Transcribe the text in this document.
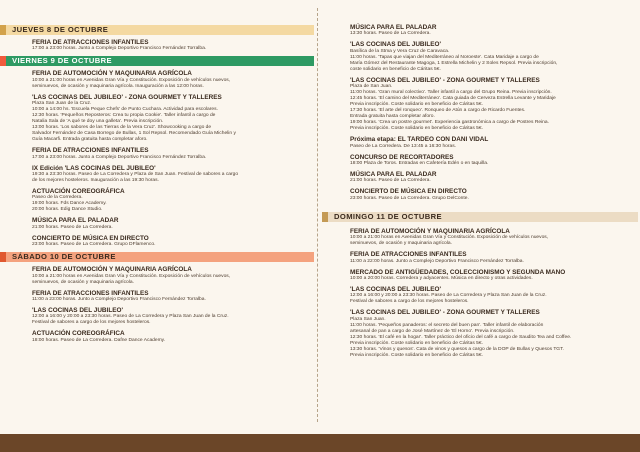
JUEVES 8 DE OCTUBRE
FERIA DE ATRACCIONES INFANTILES
17:00 a 23:00 horas. Junto a Complejo Deportivo Francisco Fernández Torralba.
VIERNES 9 DE OCTUBRE
FERIA DE AUTOMOCIÓN Y MAQUINARIA AGRÍCOLA
10:00 a 21:00 horas en Avenidas Gran Vía y Constitución. Exposición de vehículos nuevos,
seminuevos, de ocasión y maquinaria agrícola. Inauguración a las 12:00 horas.
'LAS COCINAS DEL JUBILEO' - ZONA GOURMET Y TALLERES
Plaza San Juan de la Cruz.
10:00 a 14:00 hs. 'Escuela Peque Chefs' de Punto Cuchara. Actividad para escolares.
12:30 horas. 'Pequeños Reposteros: Crea tu propia Cookie'. Taller infantil a cargo de
Natalia Sala de 'A qué te doy una galleta'. Previa inscripción.
13:00 horas. 'Los sabores de las Tierras de la Vera Cruz'. Showcooking a cargo de
Salvador Fernández de Casa Borrego de Bullas, 1 Sol Repsol. Recomendado Guía Michelin y
Guía Macarfi. Entrada gratuita hasta completar aforo.
FERIA DE ATRACCIONES INFANTILES
17:00 a 23:00 horas. Junto a Complejo Deportivo Francisco Fernández Torralba.
IX Edición 'LAS COCINAS DEL JUBILEO'
19:30 a 23:30 horas. Paseo de La Corredera y Plaza de San Juan. Festival de sabores a cargo
de los mejores hosteleros. Inauguración a las 19:30 horas.
ACTUACIÓN COREOGRÁFICA
Paseo de la Corredera.
19:00 horas. Fds Dance Academy.
20:00 horas. Edig Dance Studio.
MÚSICA PARA EL PALADAR
21:00 horas. Paseo de La Corredera.
CONCIERTO DE MÚSICA EN DIRECTO
23:00 horas. Paseo de La Corredera. Grupo DFlamenco.
SÁBADO 10 DE OCTUBRE
FERIA DE AUTOMOCIÓN Y MAQUINARIA AGRÍCOLA
10:00 a 21:00 horas en Avenidas Gran Vía y Constitución. Exposición de vehículos nuevos,
seminuevos, de ocasión y maquinaria agrícola.
FERIA DE ATRACCIONES INFANTILES
11:00 a 23:00 horas. Junto a Complejo Deportivo Francisco Fernández Torralba.
'LAS COCINAS DEL JUBILEO'
12:00 a 16:00 y 20:00 a 23:30 horas. Paseo de La Corredera y Plaza San Juan de la Cruz.
Festival de sabores a cargo de los mejores hosteleros.
ACTUACIÓN COREOGRÁFICA
18:00 horas. Paseo de La Corredera. Dafne Dance Academy.
MÚSICA PARA EL PALADAR
13:30 horas. Paseo de La Corredera.
'LAS COCINAS DEL JUBILEO'
Basílica de la Stma y Vera Cruz de Caravaca.
11:00 horas. 'Tapas que viajan del Mediterráneo al Noroeste'. Cata Maridaje a cargo de
María Gómez del Restaurante Magoga, 1 Estrella Michelin y 2 Soles Repsol. Previa inscripción,
coste solidario en beneficio de Cáritas 5€.
'LAS COCINAS DEL JUBILEO' - ZONA GOURMET Y TALLERES
Plaza de San Juan.
11:00 horas. 'Gran mural colectivo'. Taller infantil a cargo del Grupo Reina. Previa inscripción.
12:45 horas. 'El camino del Mediterráneo'. Cata guiada de Cerveza Estrella Levante y Maridaje
Previa inscripción. Coste solidario en beneficio de Cáritas 5€.
17:30 horas. 'El arte del ronqueo'. Ronqueo de Atún a cargo de Ricardo Fuentes.
Entrada gratuita hasta completar aforo.
19:00 horas. 'Crea un postre gourmet'. Experiencia gastronómica a cargo de Postres Reina.
Previa inscripción. Coste solidario en beneficio de Cáritas 5€.
Próxima etapa: EL TARDEO CON DANI VIDAL
Paseo de La Corredera. De 13:45 a 16:30 horas.
CONCURSO DE RECORTADORES
18:00 Plaza de Toros. Entradas en Cafetería Edén o en taquilla.
MÚSICA PARA EL PALADAR
21:00 horas. Paseo de La Corredera.
CONCIERTO DE MÚSICA EN DIRECTO
23:00 horas. Paseo de La Corredera. Grupo DelConte.
DOMINGO 11 DE OCTUBRE
FERIA DE AUTOMOCIÓN Y MAQUINARIA AGRÍCOLA
10:00 a 21:00 horas en Avenidas Gran Vía y Constitución. Exposición de vehículos nuevos,
seminuevos, de ocasión y maquinaria agrícola.
FERIA DE ATRACCIONES INFANTILES
11:00 a 22:00 horas. Junto a Complejo Deportivo Francisco Fernández Torralba.
MERCADO DE ANTIGÜEDADES, COLECCIONISMO Y SEGUNDA MANO
10:00 a 20:00 horas. Corredera y adyacentes. Música en directo y otras actividades.
'LAS COCINAS DEL JUBILEO'
12:00 a 16:00 y 20:00 a 23:30 horas. Paseo de La Corredera y Plaza San Juan de la Cruz.
Festival de sabores a cargo de los mejores hosteleros.
'LAS COCINAS DEL JUBILEO' - ZONA GOURMET Y TALLERES
Plaza San Juan.
11:00 horas. 'Pequeños panaderos: el secreto del buen pan'. Taller infantil de elaboración
artesanal de pan a cargo de José Martínez de 'El Horno'. Previa inscripción.
12:30 horas. 'El café en la hogar'. Taller práctico del oficio del café a cargo de Saudito Tea and Coffee.
Previa inscripción. Coste solidario en beneficio de Cáritas 5€.
13:30 horas. 'Vinos y quesos'. Cata de vinos y quesos a cargo de la DOP de Bullas y Quesos TGT.
Previa inscripción. Coste solidario en beneficio de Cáritas 5€.
